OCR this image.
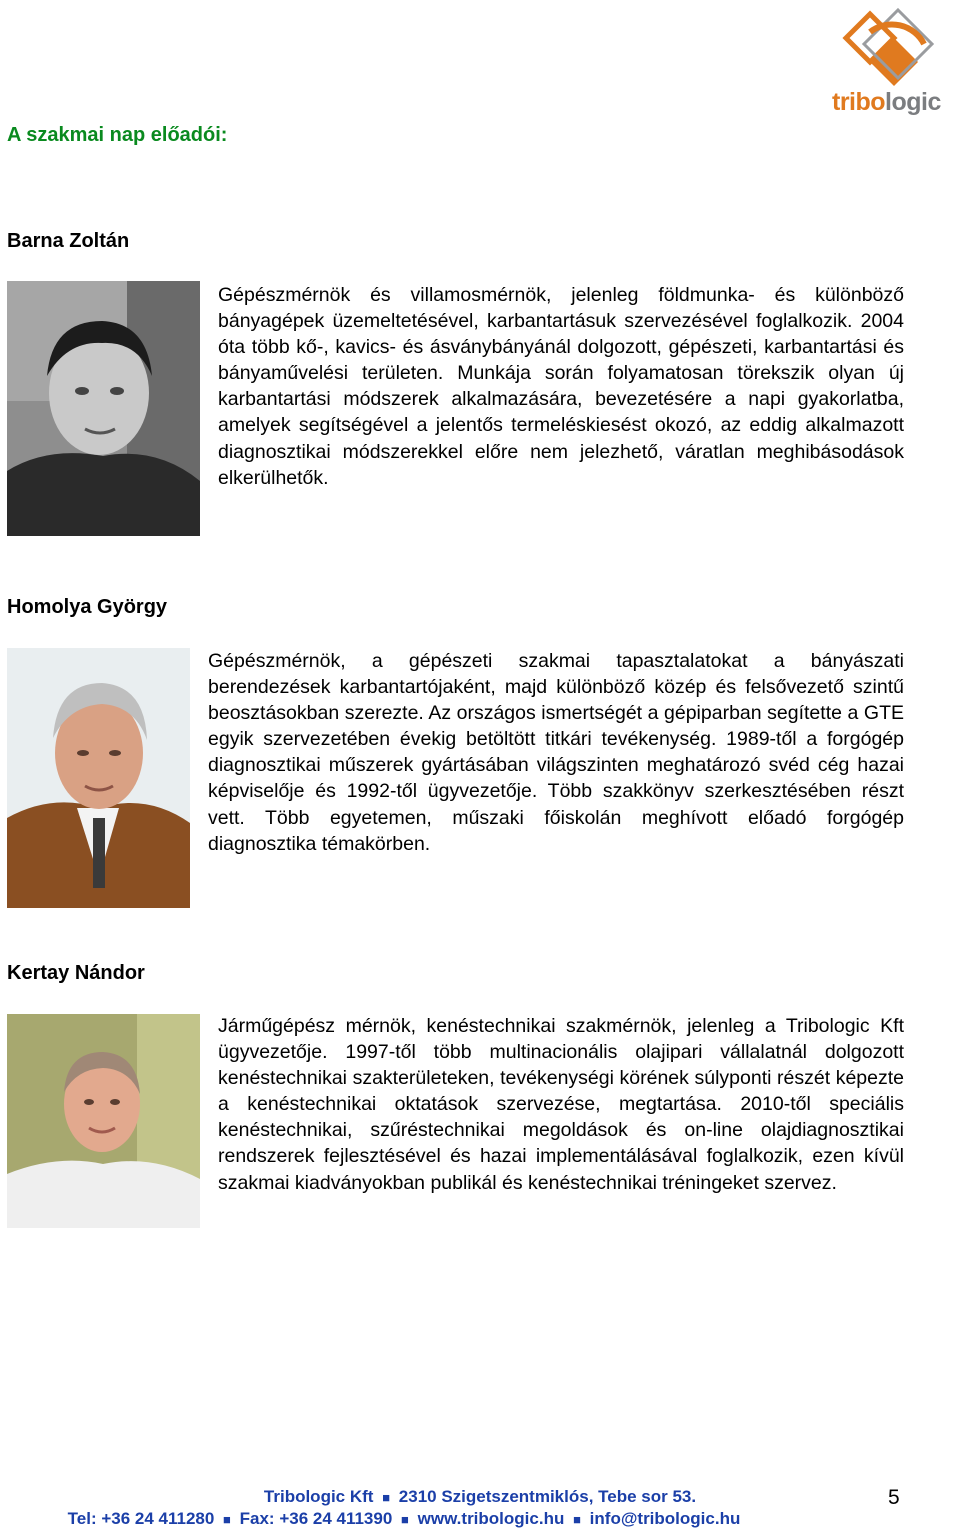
tribologic
A szakmai nap előadói:
Barna Zoltán
Gépészmérnök és villamosmérnök, jelenleg földmunka- és különböző bányagépek üzemeltetésével, karbantartásuk szervezésével foglalkozik. 2004 óta több kő-, kavics- és ásványbányánál dolgozott, gépészeti, karbantartási és bányaművelési területen. Munkája során folyamatosan törekszik olyan új karbantartási módszerek alkalmazására, bevezetésére a napi gyakorlatba, amelyek segítségével a jelentős termeléskiesést okozó, az eddig alkalmazott diagnosztikai módszerekkel előre nem jelezhető, váratlan meghibásodások elkerülhetők.
Homolya György
Gépészmérnök, a gépészeti szakmai tapasztalatokat a bányászati berendezések karbantartójaként, majd különböző közép és felsővezető szintű beosztásokban szerezte. Az országos ismertségét a gépiparban segítette a GTE egyik szervezetében évekig betöltött titkári tevékenység. 1989-től a forgógép diagnosztikai műszerek gyártásában világszinten meghatározó svéd cég hazai képviselője és 1992-től ügyvezetője. Több szakkönyv szerkesztésében részt vett. Több egyetemen, műszaki főiskolán meghívott előadó forgógép diagnosztika témakörben.
Kertay Nándor
Járműgépész mérnök, kenéstechnikai szakmérnök, jelenleg a Tribologic Kft ügyvezetője. 1997-től több multinacionális olajipari vállalatnál dolgozott kenéstechnikai szakterületeken, tevékenységi körének súlyponti részét képezte a kenéstechnikai oktatások szervezése, megtartása. 2010-től speciális kenéstechnikai, szűréstechnikai megoldások és on-line olajdiagnosztikai rendszerek fejlesztésével és hazai implementálásával foglalkozik, ezen kívül szakmai kiadványokban publikál és kenéstechnikai tréningeket szervez.
Tribologic Kft ■ 2310 Szigetszentmiklós, Tebe sor 53.
Tel: +36 24 411280 ■ Fax: +36 24 411390 ■ www.tribologic.hu ■ info@tribologic.hu
5
